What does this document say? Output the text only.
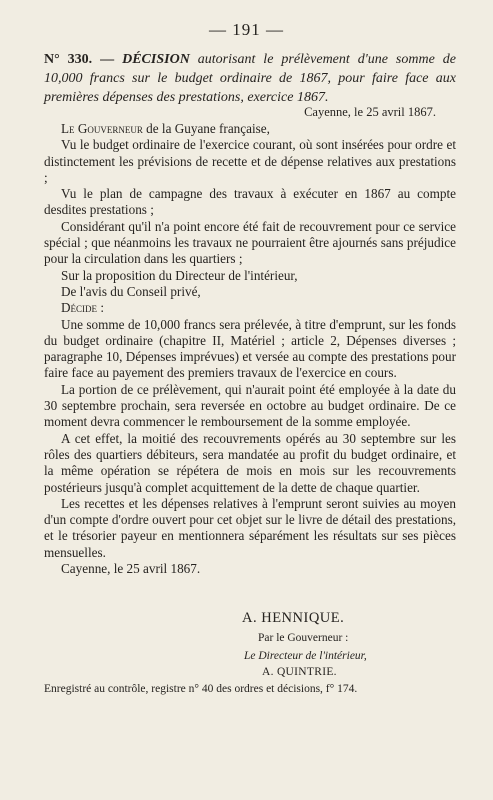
— 191 —
N° 330. — DÉCISION autorisant le prélèvement d'une somme de 10,000 francs sur le budget ordinaire de 1867, pour faire face aux premières dépenses des prestations, exercice 1867.
Cayenne, le 25 avril 1867.

Le Gouverneur de la Guyane française,

Vu le budget ordinaire de l'exercice courant, où sont insérées pour ordre et distinctement les prévisions de recette et de dépense relatives aux prestations ;

Vu le plan de campagne des travaux à exécuter en 1867 au compte desdites prestations ;

Considérant qu'il n'a point encore été fait de recouvrement pour ce service spécial ; que néanmoins les travaux ne pourraient être ajournés sans préjudice pour la circulation dans les quartiers ;

Sur la proposition du Directeur de l'intérieur,

De l'avis du Conseil privé,

Décide :

Une somme de 10,000 francs sera prélevée, à titre d'emprunt, sur les fonds du budget ordinaire (chapitre II, Matériel ; article 2, Dépenses diverses ; paragraphe 10, Dépenses imprévues) et versée au compte des prestations pour faire face au payement des premiers travaux de l'exercice en cours.

La portion de ce prélèvement, qui n'aurait point été employée à la date du 30 septembre prochain, sera reversée en octobre au budget ordinaire. De ce moment devra commencer le remboursement de la somme employée.

A cet effet, la moitié des recouvrements opérés au 30 septembre sur les rôles des quartiers débiteurs, sera mandatée au profit du budget ordinaire, et la même opération se répétera de mois en mois sur les recouvrements postérieurs jusqu'à complet acquittement de la dette de chaque quartier.

Les recettes et les dépenses relatives à l'emprunt seront suivies au moyen d'un compte d'ordre ouvert pour cet objet sur le livre de détail des prestations, et le trésorier payeur en mentionnera séparément les résultats sur ses pièces mensuelles.

Cayenne, le 25 avril 1867.

A. HENNIQUE.
Par le Gouverneur :
Le Directeur de l'intérieur,
A. QUINTRIE.
Enregistré au contrôle, registre n° 40 des ordres et décisions, f° 174.
